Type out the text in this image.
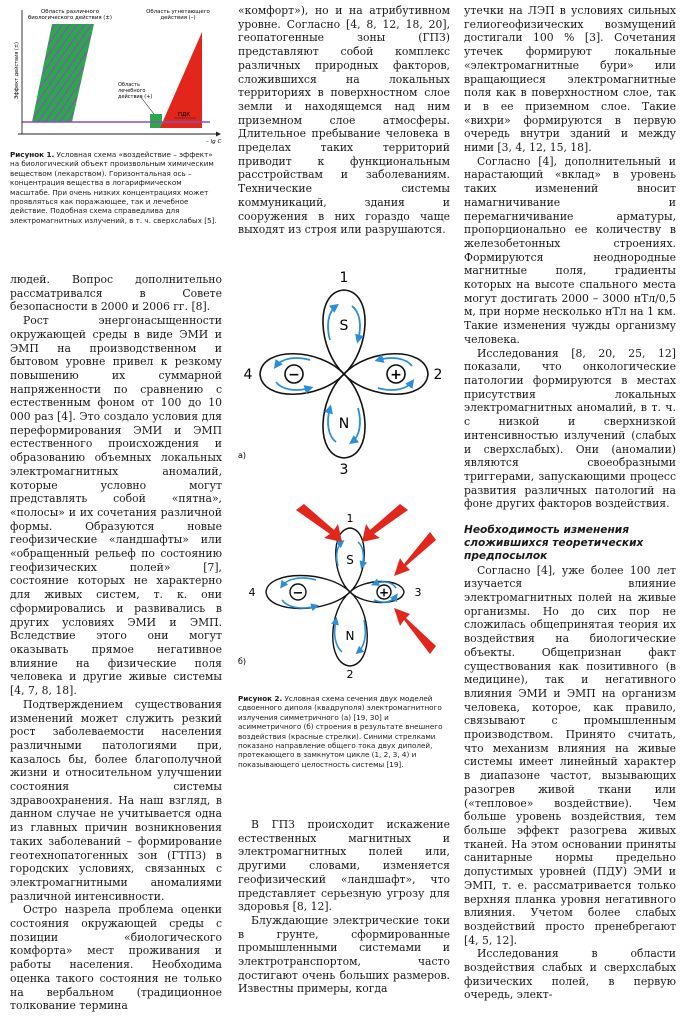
Область различного
биологического действия (±)
Область угнетающего
действия (–)
Эффект действия (±)
– lg C
Область
лечебного
действия (+)
ПДК

Рисунок 1. Условная схема «воздействие – эффект» на биологический объект произвольным химическим веществом (лекарством). Горизонтальная ось – концентрация вещества в логарифмическом масштабе. При очень низких концентрациях может проявляться как поражающее, так и лечебное действие. Подобная схема справедлива для электромагнитных излучений, в т. ч. сверхслабых [5].

людей. Вопрос дополнительно рассматривался в Совете безопасности в 2000 и 2006 гг. [8].

Рост энергонасыщенности окружающей среды в виде ЭМИ и ЭМП на производственном и бытовом уровне привел к резкому повышению их суммарной напряженности по сравнению с естественным фоном от 100 до 10 000 раз [4]. Это создало условия для переформирования ЭМИ и ЭМП естественного происхождения и образованию объемных локальных электромагнитных аномалий, которые условно могут представлять собой «пятна», «полосы» и их сочетания различной формы. Образуются новые геофизические «ландшафты» или «обращенный рельеф по состоянию геофизических полей» [7], состояние которых не характерно для живых систем, т. к. они сформировались и развивались в других условиях ЭМИ и ЭМП. Вследствие этого они могут оказывать прямое негативное влияние на физические поля человека и другие живые системы [4, 7, 8, 18].

Подтверждением существования изменений может служить резкий рост заболеваемости населения различными патологиями при, казалось бы, более благополучной жизни и относительном улучшении состояния системы здравоохранения. На наш взгляд, в данном случае не учитывается одна из главных причин возникновения таких заболеваний – формирование геотехнопатогенных зон (ГТПЗ) в городских условиях, связанных с электромагнитными аномалиями различной интенсивности.

Остро назрела проблема оценки состояния окружающей среды с позиции «биологического комфорта» мест проживания и работы населения. Необходима оценка такого состояния не только на вербальном (традиционное толкование термина

«комфорт»), но и на атрибутивном уровне. Согласно [4, 8, 12, 18, 20], геопатогенные зоны (ГПЗ) представляют собой комплекс различных природных факторов, сложившихся на локальных территориях в поверхностном слое земли и находящемся над ним приземном слое атмосферы. Длительное пребывание человека в пределах таких территорий приводит к функциональным расстройствам и заболеваниям. Технические системы коммуникаций, здания и сооружения в них гораздо чаще выходят из строя или разрушаются.

S
N
−	+
1
2
3
4
а)
S
N
−	+
1
3
2
4
б)

Рисунок 2. Условная схема сечения двух моделей сдвоенного диполя (квадруполя) электромагнитного излучения симметричного (а) [19, 30] и асимметричного (б) строения в результате внешнего воздействия (красные стрелки). Синими стрелками показано направление общего тока двух диполей, протекающего в замкнутом цикле (1, 2, 3, 4) и показывающего целостность системы [19].

В ГПЗ происходит искажение естественных магнитных и электромагнитных полей или, другими словами, изменяется геофизический «ландшафт», что представляет серьезную угрозу для здоровья [8, 12].

Блуждающие электрические токи в грунте, сформированные промышленными системами и электротранспортом, часто достигают очень больших размеров. Известны примеры, когда

утечки на ЛЭП в условиях сильных гелиогеофизических возмущений достигали 100 % [3]. Сочетания утечек формируют локальные «электромагнитные бури» или вращающиеся электромагнитные поля как в поверхностном слое, так и в ее приземном слое. Такие «вихри» формируются в первую очередь внутри зданий и между ними [3, 4, 12, 15, 18].

Согласно [4], дополнительный и нарастающий «вклад» в уровень таких изменений вносит намагничивание и перемагничивание арматуры, пропорционально ее количеству в железобетонных строениях. Формируются неоднородные магнитные поля, градиенты которых на высоте спального места могут достигать 2000 – 3000 нТл/0,5 м, при норме несколько нТл на 1 км. Такие изменения чужды организму человека.

Исследования [8, 20, 25, 12] показали, что онкологические патологии формируются в местах присутствия локальных электромагнитных аномалий, в т. ч. с низкой и сверхнизкой интенсивностью излучений (слабых и сверхслабых). Они (аномалии) являются своеобразными триггерами, запускающими процесс развития различных патологий на фоне других факторов воздействия.

Необходимость изменения сложившихся теоретических предпосылок

Согласно [4], уже более 100 лет изучается влияние электромагнитных полей на живые организмы. Но до сих пор не сложилась общепринятая теория их воздействия на биологические объекты. Общепризнан факт существования как позитивного (в медицине), так и негативного влияния ЭМИ и ЭМП на организм человека, которое, как правило, связывают с промышленным производством. Принято считать, что механизм влияния на живые системы имеет линейный характер в диапазоне частот, вызывающих разогрев живой ткани или («тепловое» воздействие). Чем больше уровень воздействия, тем больше эффект разогрева живых тканей. На этом основании приняты санитарные нормы предельно допустимых уровней (ПДУ) ЭМИ и ЭМП, т. е. рассматривается только верхняя планка уровня негативного влияния. Учетом более слабых воздействий просто пренебрегают [4, 5, 12].

Исследования в области воздействия слабых и сверхслабых физических полей, в первую очередь, элект-
